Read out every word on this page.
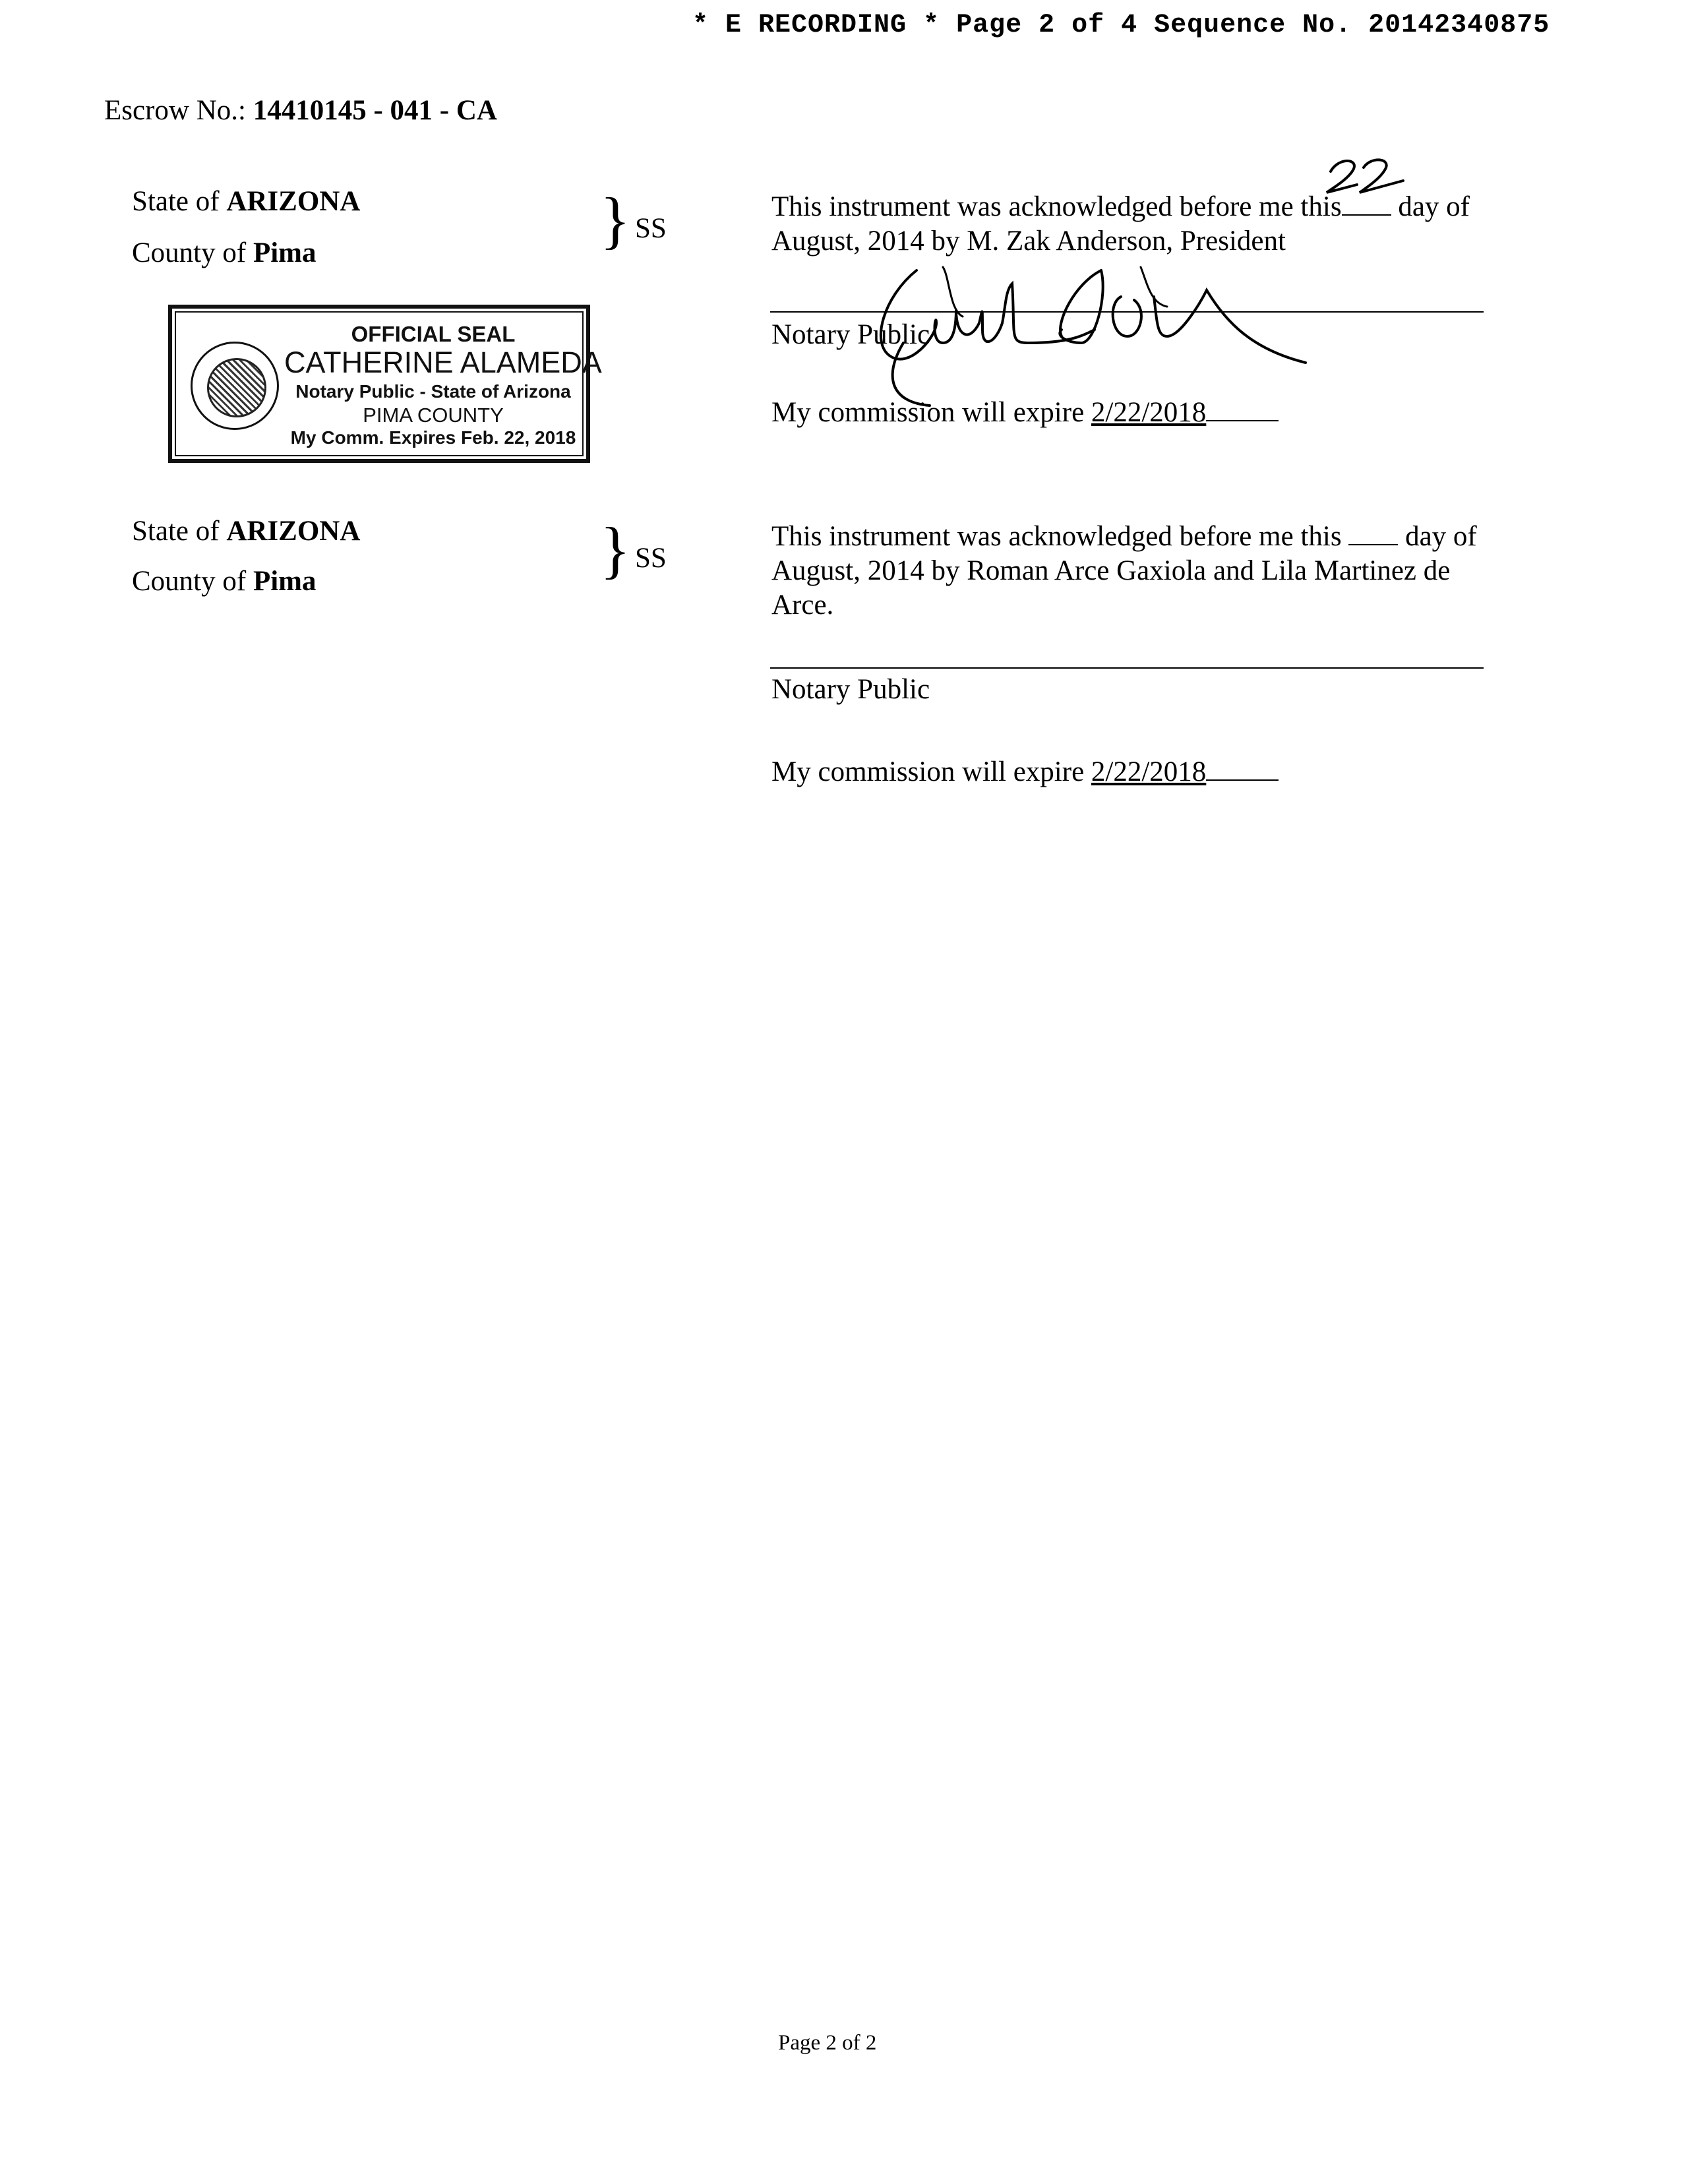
* E RECORDING * Page 2 of 4 Sequence No. 20142340875
Escrow No.: 14410145 - 041 - CA
State of ARIZONA
County of Pima	} SS
This instrument was acknowledged before me this day of
August, 2014 by M. Zak Anderson, President
Notary Public
My commission will expire 2/22/2018
OFFICIAL SEAL
CATHERINE ALAMEDA
Notary Public - State of Arizona
PIMA COUNTY
My Comm. Expires Feb. 22, 2018
State of ARIZONA
County of Pima	} SS
This instrument was acknowledged before me this day of
August, 2014 by Roman Arce Gaxiola and Lila Martinez de
Arce.
Notary Public
My commission will expire 2/22/2018
Page 2 of 2
